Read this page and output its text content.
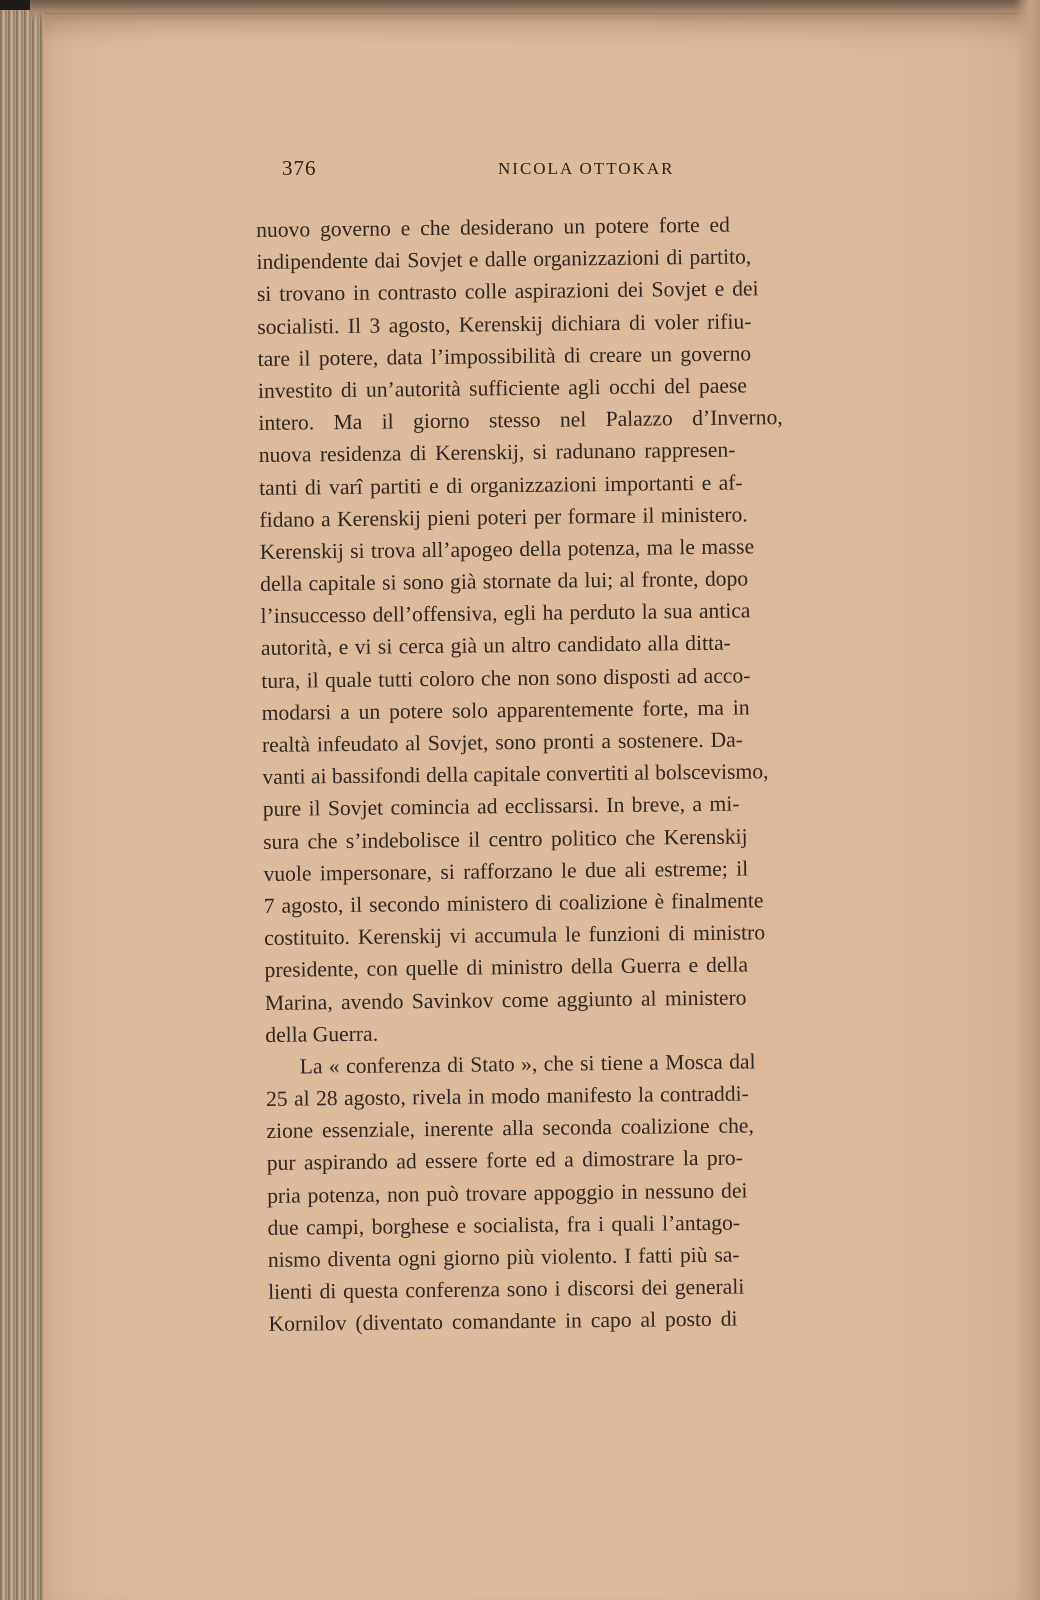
376	NICOLA OTTOKAR
nuovo governo e che desiderano un potere forte ed
indipendente dai Sovjet e dalle organizzazioni di partito,
si trovano in contrasto colle aspirazioni dei Sovjet e dei
socialisti. Il 3 agosto, Kerenskij dichiara di voler rifiu-
tare il potere, data l’impossibilità di creare un governo
investito di un’autorità sufficiente agli occhi del paese
intero. Ma il giorno stesso nel Palazzo d’Inverno,
nuova residenza di Kerenskij, si radunano rappresen-
tanti di varî partiti e di organizzazioni importanti e af-
fidano a Kerenskij pieni poteri per formare il ministero.
Kerenskij si trova all’apogeo della potenza, ma le masse
della capitale si sono già stornate da lui; al fronte, dopo
l’insuccesso dell’offensiva, egli ha perduto la sua antica
autorità, e vi si cerca già un altro candidato alla ditta-
tura, il quale tutti coloro che non sono disposti ad acco-
modarsi a un potere solo apparentemente forte, ma in
realtà infeudato al Sovjet, sono pronti a sostenere. Da-
vanti ai bassifondi della capitale convertiti al bolscevismo,
pure il Sovjet comincia ad ecclissarsi. In breve, a mi-
sura che s’indebolisce il centro politico che Kerenskij
vuole impersonare, si rafforzano le due ali estreme; il
7 agosto, il secondo ministero di coalizione è finalmente
costituito. Kerenskij vi accumula le funzioni di ministro
presidente, con quelle di ministro della Guerra e della
Marina, avendo Savinkov come aggiunto al ministero
della Guerra.
La « conferenza di Stato », che si tiene a Mosca dal
25 al 28 agosto, rivela in modo manifesto la contraddi-
zione essenziale, inerente alla seconda coalizione che,
pur aspirando ad essere forte ed a dimostrare la pro-
pria potenza, non può trovare appoggio in nessuno dei
due campi, borghese e socialista, fra i quali l’antago-
nismo diventa ogni giorno più violento. I fatti più sa-
lienti di questa conferenza sono i discorsi dei generali
Kornilov (diventato comandante in capo al posto di
